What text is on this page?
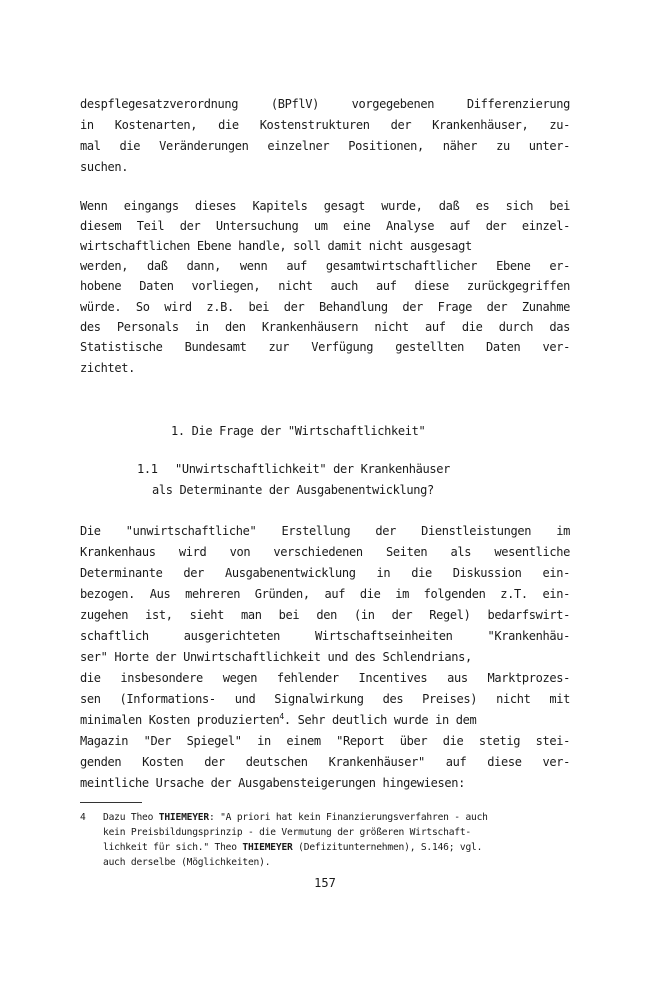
despflegesatzverordnung (BPflV) vorgegebenen Differenzierung
in Kostenarten, die Kostenstrukturen der Krankenhäuser, zu-
mal die Veränderungen einzelner Positionen, näher zu unter-
suchen.
Wenn eingangs dieses Kapitels gesagt wurde, daß es sich bei
diesem Teil der Untersuchung um eine Analyse auf der einzel-
wirtschaftlichen Ebene handle, soll damit nicht ausgesagt
werden, daß dann, wenn auf gesamtwirtschaftlicher Ebene er-
hobene Daten vorliegen, nicht auch auf diese zurückgegriffen
würde. So wird z.B. bei der Behandlung der Frage der Zunahme
des Personals in den Krankenhäusern nicht auf die durch das
Statistische Bundesamt zur Verfügung gestellten Daten ver-
zichtet.
1. Die Frage der "Wirtschaftlichkeit"
1.1	"Unwirtschaftlichkeit" der Krankenhäuser
als Determinante der Ausgabenentwicklung?
Die "unwirtschaftliche" Erstellung der Dienstleistungen im
Krankenhaus wird von verschiedenen Seiten als wesentliche
Determinante der Ausgabenentwicklung in die Diskussion ein-
bezogen. Aus mehreren Gründen, auf die im folgenden z.T. ein-
zugehen ist, sieht man bei den (in der Regel) bedarfswirt-
schaftlich ausgerichteten Wirtschaftseinheiten "Krankenhäu-
ser" Horte der Unwirtschaftlichkeit und des Schlendrians,
die insbesondere wegen fehlender Incentives aus Marktprozes-
sen (Informations- und Signalwirkung des Preises) nicht mit
minimalen Kosten produzierten$^4$. Sehr deutlich wurde in dem
Magazin "Der Spiegel" in einem "Report über die stetig stei-
genden Kosten der deutschen Krankenhäuser" auf diese ver-
meintliche Ursache der Ausgabensteigerungen hingewiesen:
4 Dazu Theo THIEMEYER: "A priori hat kein Finanzierungsverfahren - auch
kein Preisbildungsprinzip - die Vermutung der größeren Wirtschaft-
lichkeit für sich." Theo THIEMEYER (Defizitunternehmen), S.146; vgl.
auch derselbe (Möglichkeiten).
157
